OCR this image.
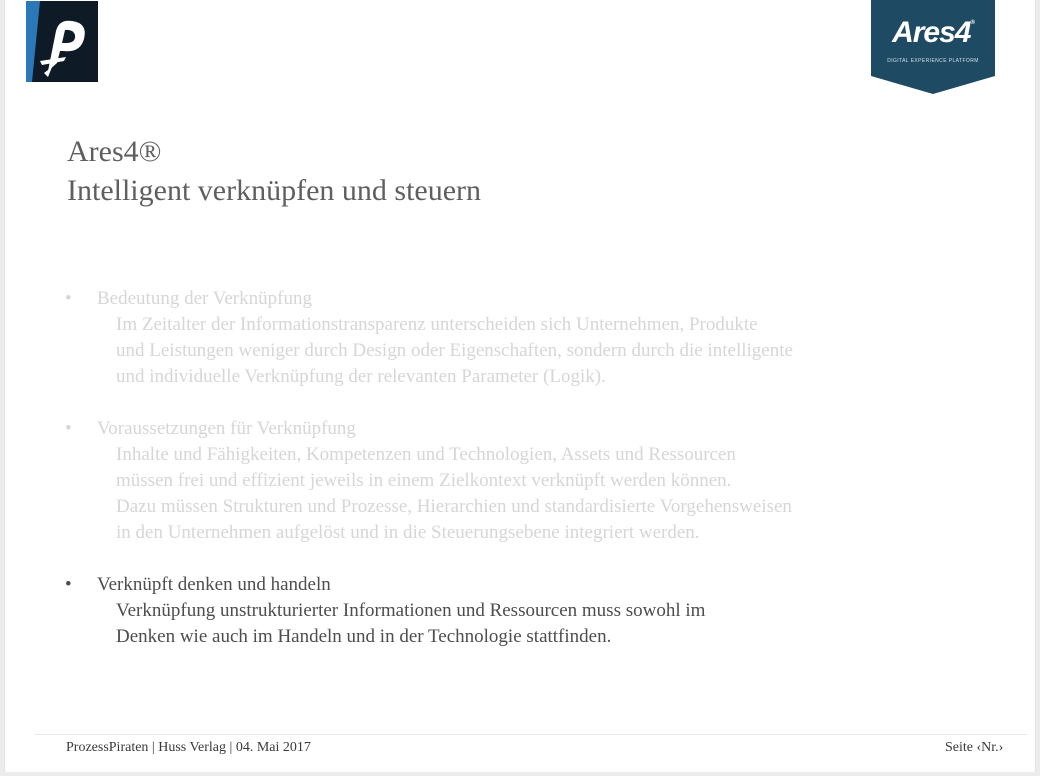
Ares4®
DIGITAL EXPERIENCE PLATFORM
Ares4®
Intelligent verknüpfen und steuern
•	Bedeutung der Verknüpfung
Im Zeitalter der Informationstransparenz unterscheiden sich Unternehmen, Produkte
und Leistungen weniger durch Design oder Eigenschaften, sondern durch die intelligente
und individuelle Verknüpfung der relevanten Parameter (Logik).
•	Voraussetzungen für Verknüpfung
Inhalte und Fähigkeiten, Kompetenzen und Technologien, Assets und Ressourcen
müssen frei und effizient jeweils in einem Zielkontext verknüpft werden können.
Dazu müssen Strukturen und Prozesse, Hierarchien und standardisierte Vorgehensweisen
in den Unternehmen aufgelöst und in die Steuerungsebene integriert werden.
•	Verknüpft denken und handeln
Verknüpfung unstrukturierter Informationen und Ressourcen muss sowohl im
Denken wie auch im Handeln und in der Technologie stattfinden.
ProzessPiraten | Huss Verlag | 04. Mai 2017	Seite ‹Nr.›
